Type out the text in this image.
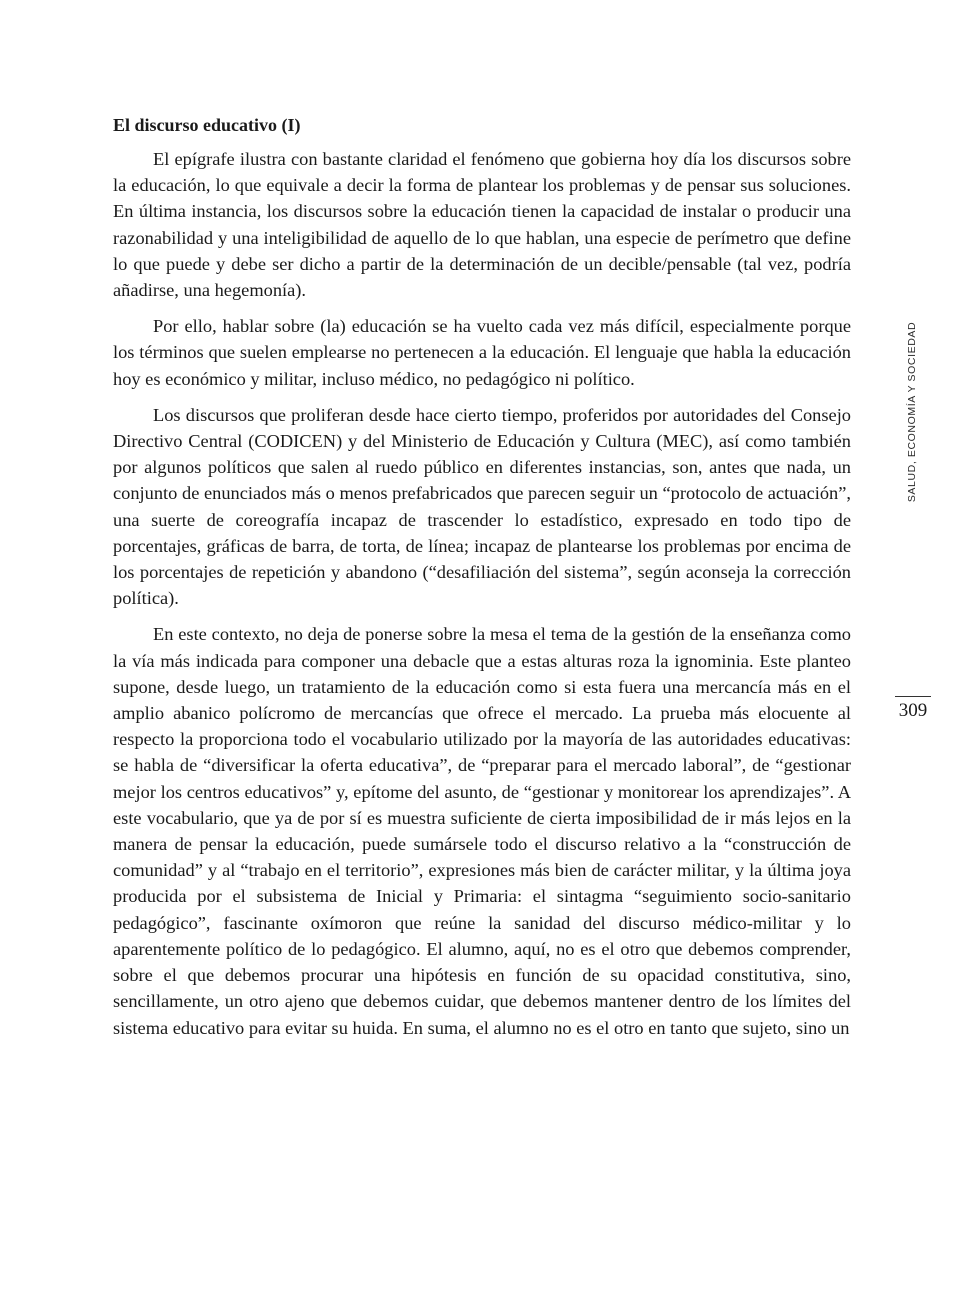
El discurso educativo (I)

El epígrafe ilustra con bastante claridad el fenómeno que gobierna hoy día los discursos sobre la educación, lo que equivale a decir la forma de plantear los problemas y de pensar sus soluciones. En última instancia, los discursos sobre la educación tienen la capacidad de instalar o producir una razonabilidad y una inteligibilidad de aquello de lo que hablan, una especie de perímetro que define lo que puede y debe ser dicho a partir de la determinación de un decible/pensable (tal vez, podría añadirse, una hegemonía).

Por ello, hablar sobre (la) educación se ha vuelto cada vez más difícil, especialmente porque los términos que suelen emplearse no pertenecen a la educación. El lenguaje que habla la educación hoy es económico y militar, incluso médico, no pedagógico ni político.

Los discursos que proliferan desde hace cierto tiempo, proferidos por autoridades del Consejo Directivo Central (CODICEN) y del Ministerio de Educación y Cultura (MEC), así como también por algunos políticos que salen al ruedo público en diferentes instancias, son, antes que nada, un conjunto de enunciados más o menos prefabricados que parecen seguir un “protocolo de actuación”, una suerte de coreografía incapaz de trascender lo estadístico, expresado en todo tipo de porcentajes, gráficas de barra, de torta, de línea; incapaz de plantearse los problemas por encima de los porcentajes de repetición y abandono (“desafiliación del sistema”, según aconseja la corrección política).

En este contexto, no deja de ponerse sobre la mesa el tema de la gestión de la enseñanza como la vía más indicada para componer una debacle que a estas alturas roza la ignominia. Este planteo supone, desde luego, un tratamiento de la educación como si esta fuera una mercancía más en el amplio abanico polícromo de mercancías que ofrece el mercado. La prueba más elocuente al respecto la proporciona todo el vocabulario utilizado por la mayoría de las autoridades educativas: se habla de “diversificar la oferta educativa”, de “preparar para el mercado laboral”, de “gestionar mejor los centros educativos” y, epítome del asunto, de “gestionar y monitorear los aprendizajes”. A este vocabulario, que ya de por sí es muestra suficiente de cierta imposibilidad de ir más lejos en la manera de pensar la educación, puede sumársele todo el discurso relativo a la “construcción de comunidad” y al “trabajo en el territorio”, expresiones más bien de carácter militar, y la última joya producida por el subsistema de Inicial y Primaria: el sintagma “seguimiento socio-sanitario pedagógico”, fascinante oxímoron que reúne la sanidad del discurso médico-militar y lo aparentemente político de lo pedagógico. El alumno, aquí, no es el otro que debemos comprender, sobre el que debemos procurar una hipótesis en función de su opacidad constitutiva, sino, sencillamente, un otro ajeno que debemos cuidar, que debemos mantener dentro de los límites del sistema educativo para evitar su huida. En suma, el alumno no es el otro en tanto que sujeto, sino un

SALUD, ECONOMÍA Y SOCIEDAD
309
